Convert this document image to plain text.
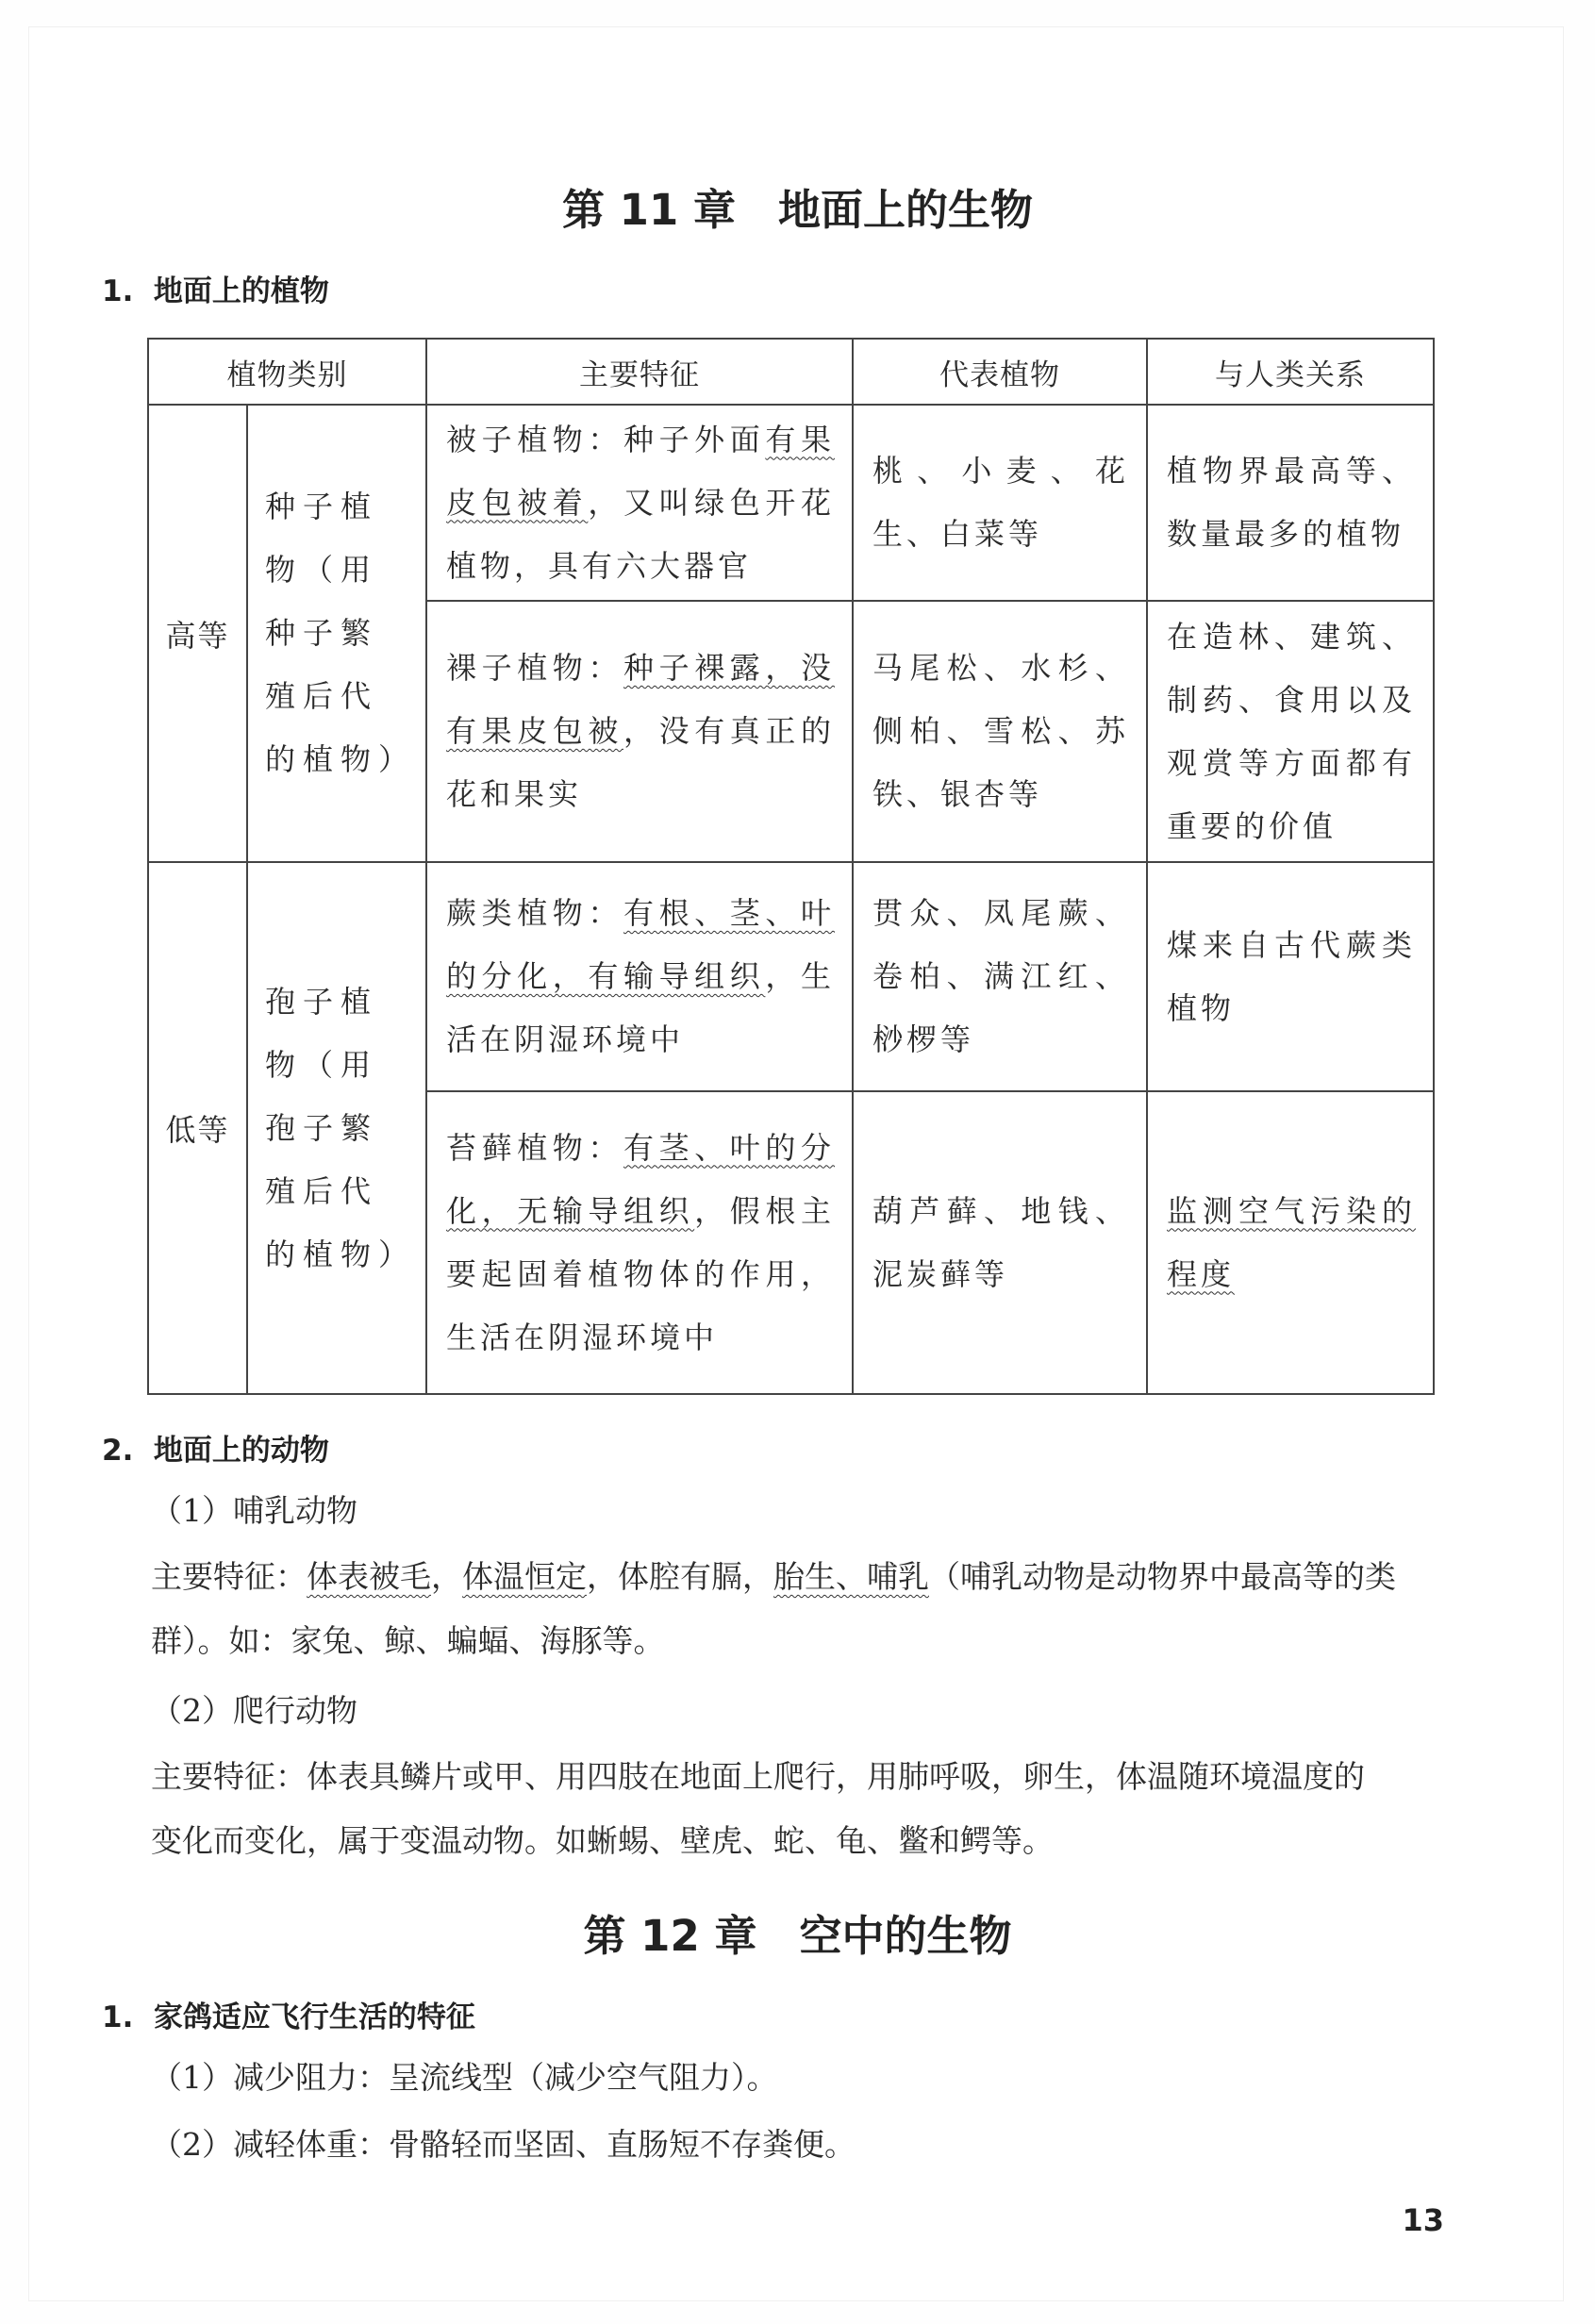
第 11 章　地面上的生物
1.  地面上的植物
植物类别		主要特征	代表植物	与人类关系
高等	种子植物（用种子繁殖后代的植物）	被子植物：种子外面有果皮包被着，又叫绿色开花植物，具有六大器官	桃、小麦、花生、白菜等	植物界最高等、数量最多的植物

		裸子植物：种子裸露，没有果皮包被，没有真正的花和果实	马尾松、水杉、侧柏、雪松、苏铁、银杏等	在造林、建筑、制药、食用以及观赏等方面都有重要的价值

低等	孢子植物（用孢子繁殖后代的植物）	蕨类植物：有根、茎、叶的分化，有输导组织，生活在阴湿环境中	贯众、凤尾蕨、卷柏、满江红、桫椤等	煤来自古代蕨类植物

		苔藓植物：有茎、叶的分化，无输导组织，假根主要起固着植物体的作用，生活在阴湿环境中	葫芦藓、地钱、泥炭藓等	监测空气污染的程度
2.  地面上的动物
（1）哺乳动物
主要特征：体表被毛，体温恒定，体腔有膈，胎生、哺乳（哺乳动物是动物界中最高等的类
群）。如：家兔、鲸、蝙蝠、海豚等。
（2）爬行动物
主要特征：体表具鳞片或甲、用四肢在地面上爬行，用肺呼吸，卵生，体温随环境温度的
变化而变化，属于变温动物。如蜥蜴、壁虎、蛇、龟、鳖和鳄等。
第 12 章　空中的生物
1.  家鸽适应飞行生活的特征
（1）减少阻力：呈流线型（减少空气阻力）。
（2）减轻体重：骨骼轻而坚固、直肠短不存粪便。
13
